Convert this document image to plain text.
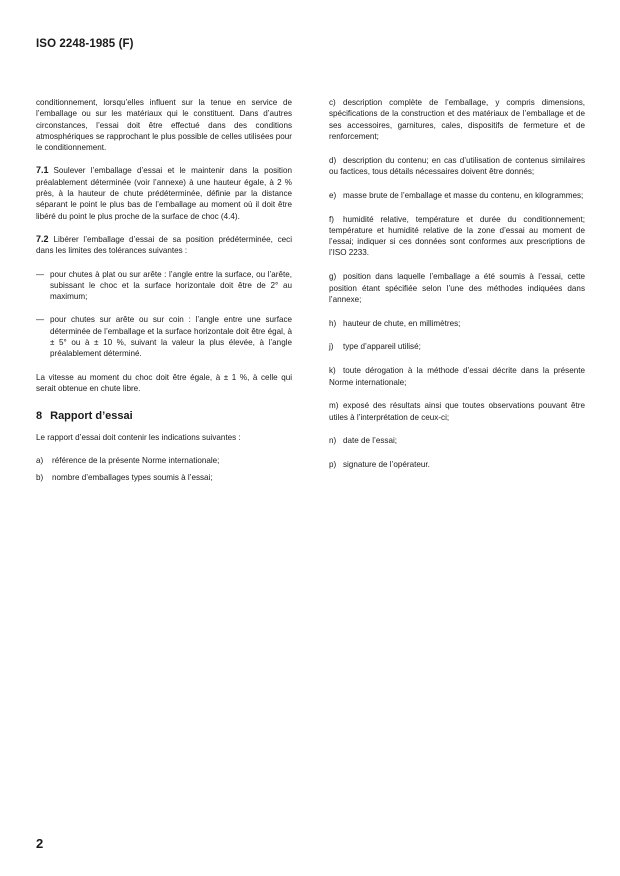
ISO 2248-1985 (F)

conditionnement, lorsqu’elles influent sur la tenue en service de l’emballage ou sur les matériaux qui le constituent. Dans d’autres circonstances, l’essai doit être effectué dans des conditions atmosphériques se rapprochant le plus possible de celles utilisées pour le conditionnement.

7.1 Soulever l’emballage d’essai et le maintenir dans la position préalablement déterminée (voir l’annexe) à une hauteur égale, à 2 % près, à la hauteur de chute prédéterminée, définie par la distance séparant le point le plus bas de l’emballage au moment où il doit être libéré du point le plus proche de la surface de choc (4.4).

7.2 Libérer l’emballage d’essai de sa position prédéterminée, ceci dans les limites des tolérances suivantes :

— pour chutes à plat ou sur arête : l’angle entre la surface, ou l’arête, subissant le choc et la surface horizontale doit être de 2° au maximum;

— pour chutes sur arête ou sur coin : l’angle entre une surface déterminée de l’emballage et la surface horizontale doit être égal, à ± 5° ou à ± 10 %, suivant la valeur la plus élevée, à l’angle préalablement déterminé.

La vitesse au moment du choc doit être égale, à ± 1 %, à celle qui serait obtenue en chute libre.

8 Rapport d’essai

Le rapport d’essai doit contenir les indications suivantes :

a)	référence de la présente Norme internationale;
b)	nombre d’emballages types soumis à l’essai;

c) description complète de l’emballage, y compris dimensions, spécifications de la construction et des matériaux de l’emballage et de ses accessoires, garnitures, cales, dispositifs de fermeture et de renforcement;

d) description du contenu; en cas d’utilisation de contenus similaires ou factices, tous détails nécessaires doivent être donnés;

e) masse brute de l’emballage et masse du contenu, en kilogrammes;

f) humidité relative, température et durée du conditionnement; température et humidité relative de la zone d’essai au moment de l’essai; indiquer si ces données sont conformes aux prescriptions de l’ISO 2233.

g) position dans laquelle l’emballage a été soumis à l’essai, cette position étant spécifiée selon l’une des méthodes indiquées dans l’annexe;

h) hauteur de chute, en millimètres;

j) type d’appareil utilisé;

k) toute dérogation à la méthode d’essai décrite dans la présente Norme internationale;

m) exposé des résultats ainsi que toutes observations pouvant être utiles à l’interprétation de ceux-ci;

n) date de l’essai;

p) signature de l’opérateur.

2
